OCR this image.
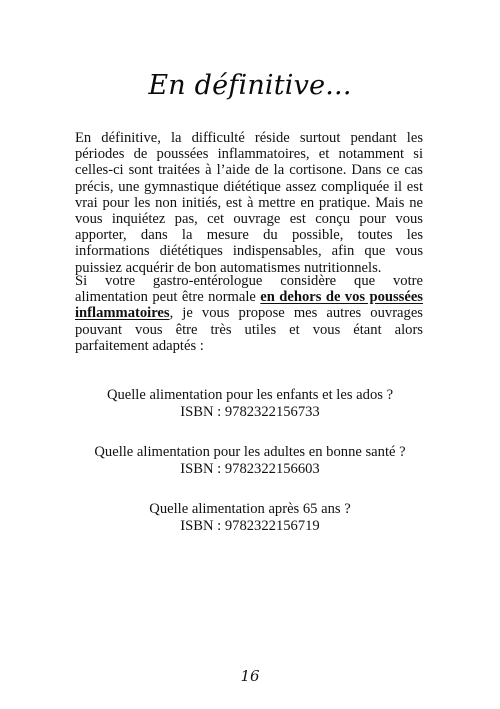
En définitive...

En définitive, la difficulté réside surtout pendant les périodes de poussées inflammatoires, et notamment si celles-ci sont traitées à l’aide de la cortisone. Dans ce cas précis, une gymnastique diététique assez compliquée il est vrai pour les non initiés, est à mettre en pratique. Mais ne vous inquiétez pas, cet ouvrage est conçu pour vous apporter, dans la mesure du possible, toutes les informations diététiques indispensables, afin que vous puissiez acquérir de bon automatismes nutritionnels.

Si votre gastro-entérologue considère que votre alimentation peut être normale en dehors de vos poussées inflammatoires, je vous propose mes autres ouvrages pouvant vous être très utiles et vous étant alors parfaitement adaptés :

Quelle alimentation pour les enfants et les ados ?
ISBN : 9782322156733
Quelle alimentation pour les adultes en bonne santé ?
ISBN : 9782322156603
Quelle alimentation après 65 ans ?
ISBN : 9782322156719
16
